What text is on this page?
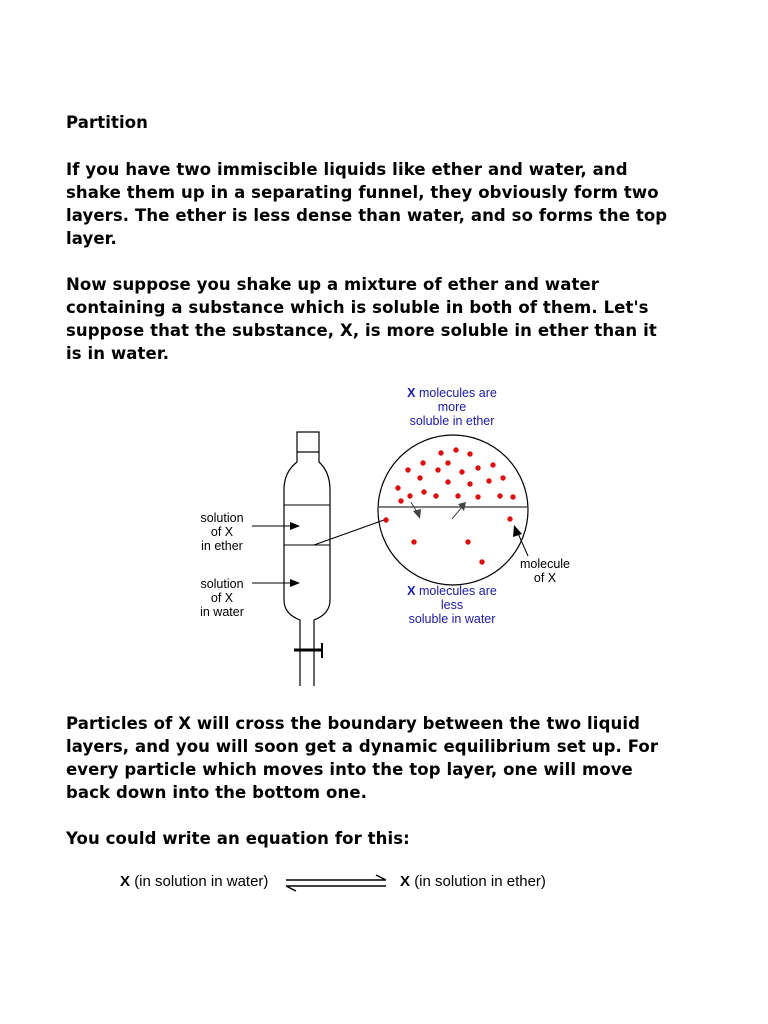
Partition

If you have two immiscible liquids like ether and water, and
shake them up in a separating funnel, they obviously form two
layers. The ether is less dense than water, and so forms the top
layer.

Now suppose you shake up a mixture of ether and water
containing a substance which is soluble in both of them. Let's
suppose that the substance, X, is more soluble in ether than it
is in water.

solution
of X
in ether
solution
of X
in water
X molecules are
more
soluble in ether
X molecules are
less
soluble in water
molecule
of X

Particles of X will cross the boundary between the two liquid
layers, and you will soon get a dynamic equilibrium set up. For
every particle which moves into the top layer, one will move
back down into the bottom one.

You could write an equation for this:

X (in solution in water)	X (in solution in ether)
